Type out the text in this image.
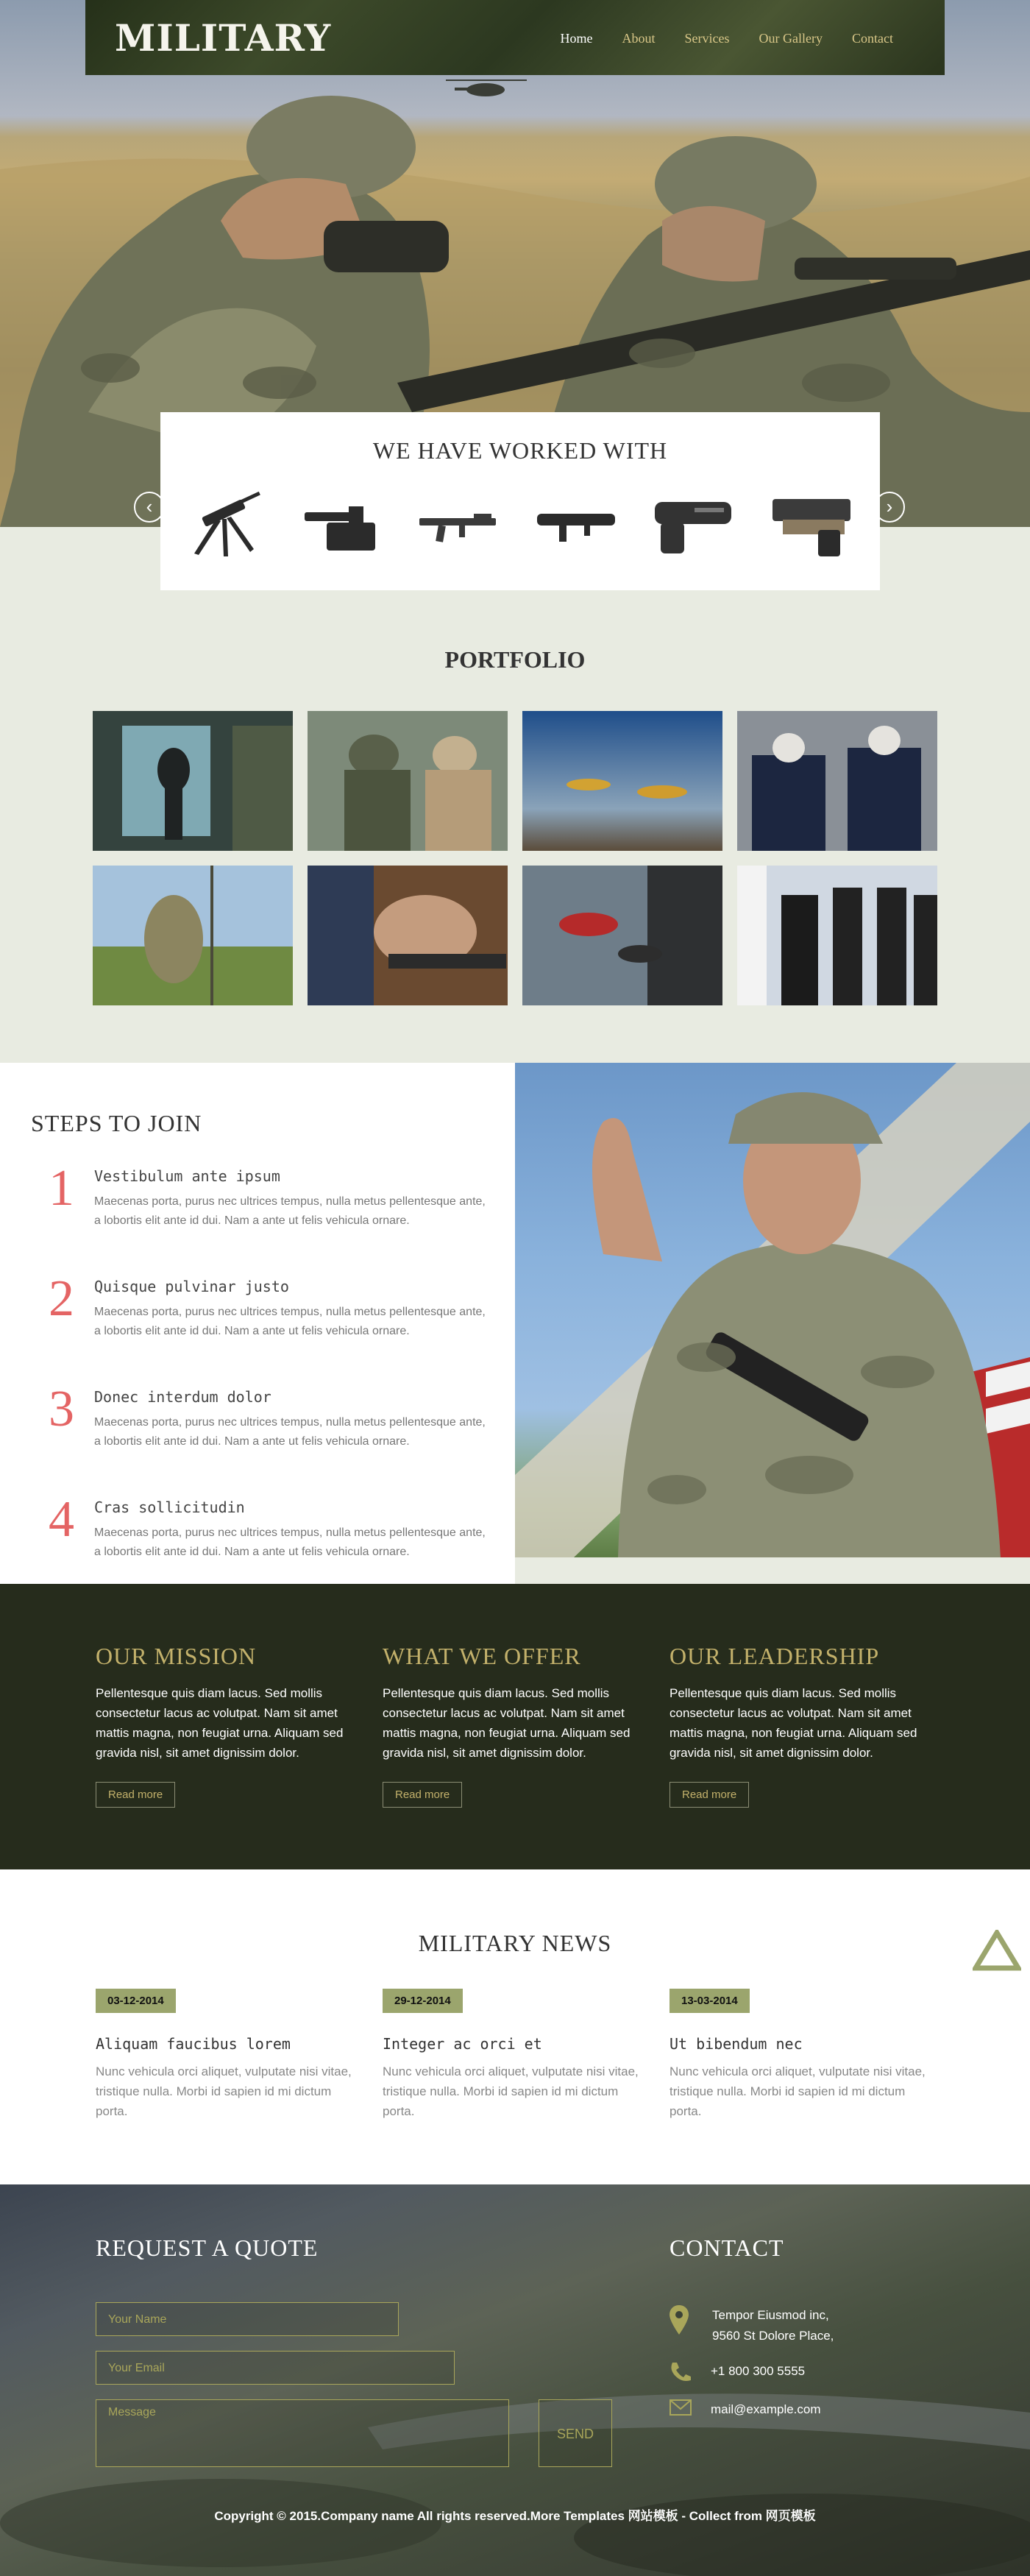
MILITARY	Home	About	Services	Our Gallery	Contact
‹	›
WE HAVE WORKED WITH
PORTFOLIO
STEPS TO JOIN
1 Vestibulum ante ipsum
Maecenas porta, purus nec ultrices tempus, nulla metus pellentesque ante, a lobortis elit ante id dui. Nam a ante ut felis vehicula ornare.
2 Quisque pulvinar justo
Maecenas porta, purus nec ultrices tempus, nulla metus pellentesque ante, a lobortis elit ante id dui. Nam a ante ut felis vehicula ornare.
3 Donec interdum dolor
Maecenas porta, purus nec ultrices tempus, nulla metus pellentesque ante, a lobortis elit ante id dui. Nam a ante ut felis vehicula ornare.
4 Cras sollicitudin
Maecenas porta, purus nec ultrices tempus, nulla metus pellentesque ante, a lobortis elit ante id dui. Nam a ante ut felis vehicula ornare.
OUR MISSION

Pellentesque quis diam lacus. Sed mollis consectetur lacus ac volutpat. Nam sit amet mattis magna, non feugiat urna. Aliquam sed gravida nisl, sit amet dignissim dolor.

Read more
WHAT WE OFFER

Pellentesque quis diam lacus. Sed mollis consectetur lacus ac volutpat. Nam sit amet mattis magna, non feugiat urna. Aliquam sed gravida nisl, sit amet dignissim dolor.

Read more
OUR LEADERSHIP

Pellentesque quis diam lacus. Sed mollis consectetur lacus ac volutpat. Nam sit amet mattis magna, non feugiat urna. Aliquam sed gravida nisl, sit amet dignissim dolor.

Read more
MILITARY NEWS
03-12-2014
Aliquam faucibus lorem

Nunc vehicula orci aliquet, vulputate nisi vitae, tristique nulla. Morbi id sapien id mi dictum porta.

29-12-2014
Integer ac orci et

Nunc vehicula orci aliquet, vulputate nisi vitae, tristique nulla. Morbi id sapien id mi dictum porta.

13-03-2014
Ut bibendum nec

Nunc vehicula orci aliquet, vulputate nisi vitae, tristique nulla. Morbi id sapien id mi dictum porta.

REQUEST A QUOTE
Your Name
Your Email
Message
SEND
CONTACT
Tempor Eiusmod inc,
9560 St Dolore Place,
+1 800 300 5555
mail@example.com
Copyright © 2015.Company name All rights reserved.More Templates 网站模板 - Collect from 网页模板
